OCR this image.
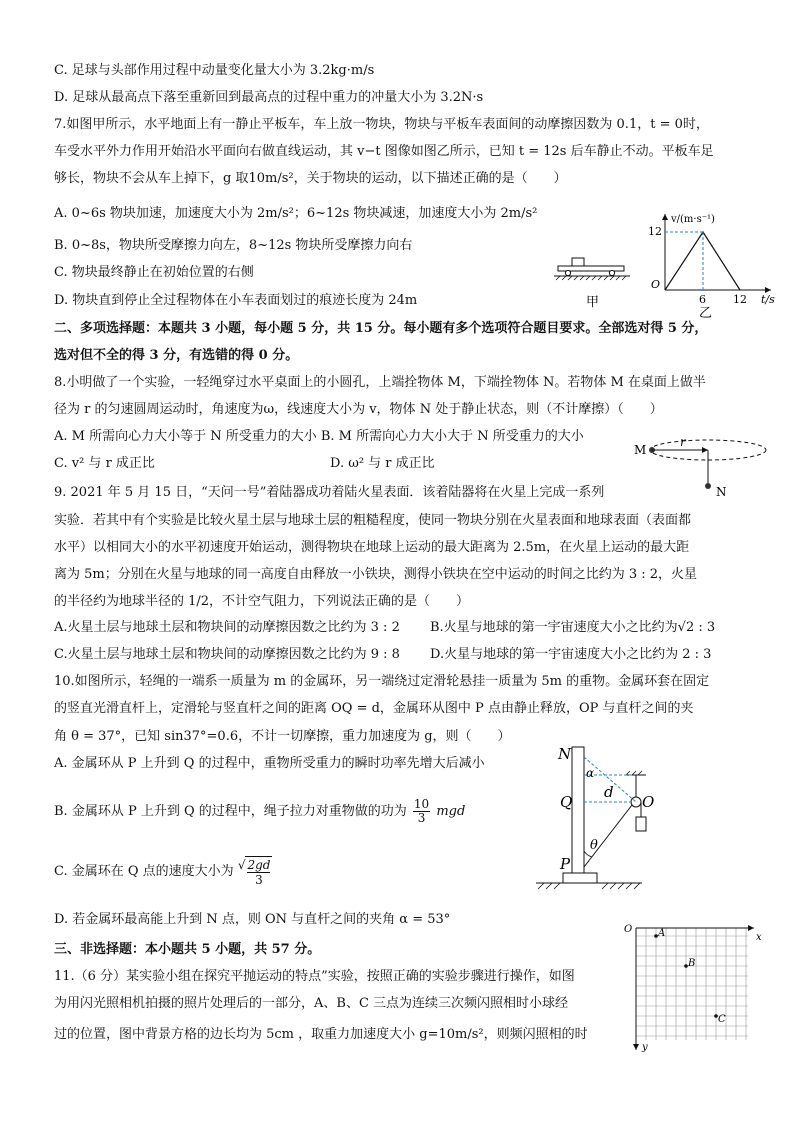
C. 足球与头部作用过程中动量变化量大小为 3.2kg·m/s
D. 足球从最高点下落至重新回到最高点的过程中重力的冲量大小为 3.2N·s
7.如图甲所示，水平地面上有一静止平板车，车上放一物块，物块与平板车表面间的动摩擦因数为 0.1，t = 0时，
车受水平外力作用开始沿水平面向右做直线运动，其 v−t 图像如图乙所示，已知 t = 12s 后车静止不动。平板车足
够长，物块不会从车上掉下，g 取10m/s²，关于物块的运动，以下描述正确的是（　　）
A. 0~6s 物块加速，加速度大小为 2m/s²；6~12s 物块减速，加速度大小为 2m/s²
B. 0~8s，物块所受摩擦力向左，8~12s 物块所受摩擦力向右
C. 物块最终静止在初始位置的右侧
D. 物块直到停止全过程物体在小车表面划过的痕迹长度为 24m	甲
v/(m·s⁻¹)
12
O
6 12 t/s
乙
二、多项选择题：本题共 3 小题，每小题 5 分，共 15 分。每小题有多个选项符合题目要求。全部选对得 5 分，
选对但不全的得 3 分，有选错的得 0 分。
8.小明做了一个实验，一轻绳穿过水平桌面上的小圆孔，上端拴物体 M，下端拴物体 N。若物体 M 在桌面上做半
径为 r 的匀速圆周运动时，角速度为ω，线速度大小为 v，物体 N 处于静止状态，则（不计摩擦）（　　）
A. M 所需向心力大小等于 N 所受重力的大小 B. M 所需向心力大小大于 N 所受重力的大小
C. v² 与 r 成正比	D. ω² 与 r 成正比
M
r
N
9. 2021 年 5 月 15 日，“天问一号”着陆器成功着陆火星表面．该着陆器将在火星上完成一系列
实验．若其中有个实验是比较火星土层与地球土层的粗糙程度，使同一物块分别在火星表面和地球表面（表面都
水平）以相同大小的水平初速度开始运动，测得物块在地球上运动的最大距离为 2.5m，在火星上运动的最大距
离为 5m；分别在火星与地球的同一高度自由释放一小铁块，测得小铁块在空中运动的时间之比约为 3 : 2，火星
的半径约为地球半径的 1/2，不计空气阻力，下列说法正确的是（　　）
A.火星土层与地球土层和物块间的动摩擦因数之比约为 3 : 2 B.火星与地球的第一宇宙速度大小之比约为√2 : 3
C.火星土层与地球土层和物块间的动摩擦因数之比约为 9 : 8 D.火星与地球的第一宇宙速度大小之比约为 2 : 3
10.如图所示，轻绳的一端系一质量为 m 的金属环，另一端绕过定滑轮悬挂一质量为 5m 的重物。金属环套在固定
的竖直光滑直杆上，定滑轮与竖直杆之间的距离 OQ = d，金属环从图中 P 点由静止释放，OP 与直杆之间的夹
角 θ = 37°，已知 sin37°=0.6，不计一切摩擦，重力加速度为 g，则（　　）
A. 金属环从 P 上升到 Q 的过程中，重物所受重力的瞬时功率先增大后减小
B. 金属环从 P 上升到 Q 的过程中，绳子拉力对重物做的功为 $\frac{10}{3}$ mgd
C. 金属环在 Q 点的速度大小为 √ $\frac{2gd}{3}$
D. 若金属环最高能上升到 N 点，则 ON 与直杆之间的夹角 α = 53°
N
α
Q
d
O
θ
P
三、非选择题：本小题共 5 小题，共 57 分。
11.（6 分）某实验小组在探究平抛运动的特点”实验，按照正确的实验步骤进行操作，如图
为用闪光照相机拍摄的照片处理后的一部分，A、B、C 三点为连续三次频闪照相时小球经
过的位置，图中背景方格的边长均为 5cm ，取重力加速度大小 g=10m/s²，则频闪照相的时
O
x
y
A
B
C
